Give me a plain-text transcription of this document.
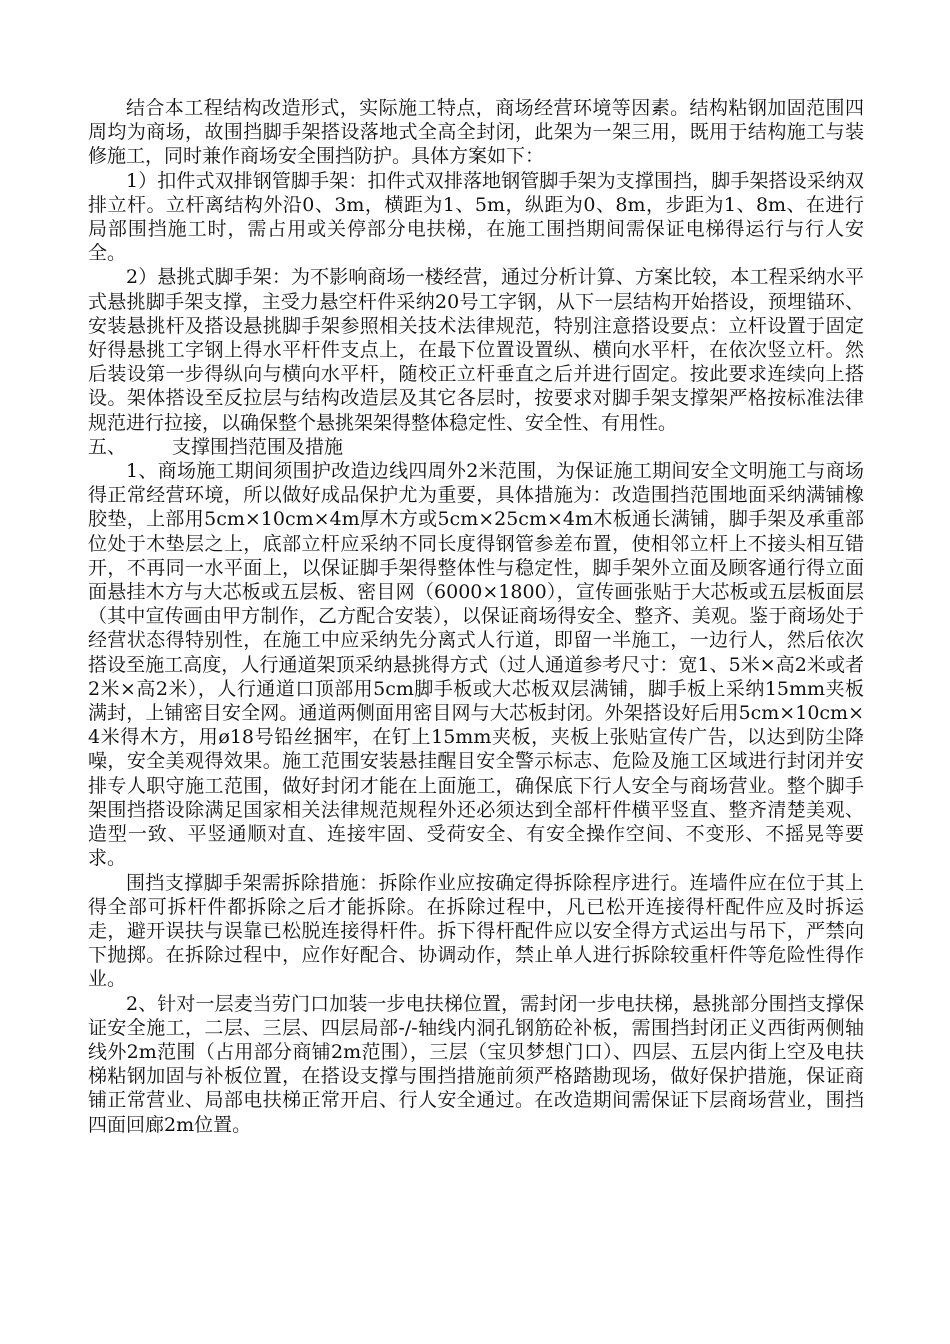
结合本工程结构改造形式，实际施工特点，商场经营环境等因素。结构粘钢加固范围四周均为商场，故围挡脚手架搭设落地式全高全封闭，此架为一架三用，既用于结构施工与装修施工，同时兼作商场安全围挡防护。具体方案如下：

1）扣件式双排钢管脚手架：扣件式双排落地钢管脚手架为支撑围挡，脚手架搭设采纳双排立杆。立杆离结构外沿0、3m，横距为1、5m，纵距为0、8m，步距为1、8m、在进行局部围挡施工时，需占用或关停部分电扶梯，在施工围挡期间需保证电梯得运行与行人安全。

2）悬挑式脚手架：为不影响商场一楼经营，通过分析计算、方案比较，本工程采纳水平式悬挑脚手架支撑，主受力悬空杆件采纳20号工字钢，从下一层结构开始搭设，预埋锚环、安装悬挑杆及搭设悬挑脚手架参照相关技术法律规范，特别注意搭设要点：立杆设置于固定好得悬挑工字钢上得水平杆件支点上，在最下位置设置纵、横向水平杆，在依次竖立杆。然后装设第一步得纵向与横向水平杆，随校正立杆垂直之后并进行固定。按此要求连续向上搭设。架体搭设至反拉层与结构改造层及其它各层时，按要求对脚手架支撑架严格按标准法律规范进行拉接，以确保整个悬挑架架得整体稳定性、安全性、有用性。

五、 支撑围挡范围及措施

1、商场施工期间须围护改造边线四周外2米范围，为保证施工期间安全文明施工与商场得正常经营环境，所以做好成品保护尤为重要，具体措施为：改造围挡范围地面采纳满铺橡胶垫，上部用5cm×10cm×4m厚木方或5cm×25cm×4m木板通长满铺，脚手架及承重部位处于木垫层之上，底部立杆应采纳不同长度得钢管参差布置，使相邻立杆上不接头相互错开，不再同一水平面上，以保证脚手架得整体性与稳定性，脚手架外立面及顾客通行得立面面悬挂木方与大芯板或五层板、密目网（6000×1800），宣传画张贴于大芯板或五层板面层（其中宣传画由甲方制作，乙方配合安装），以保证商场得安全、整齐、美观。鉴于商场处于经营状态得特别性，在施工中应采纳先分离式人行道，即留一半施工，一边行人，然后依次搭设至施工高度，人行通道架顶采纳悬挑得方式（过人通道参考尺寸：宽1、5米×高2米或者 2米×高2米），人行通道口顶部用5cm脚手板或大芯板双层满铺，脚手板上采纳15mm夹板满封，上铺密目安全网。通道两侧面用密目网与大芯板封闭。外架搭设好后用5cm×10cm×4米得木方，用ø18号铅丝捆牢，在钉上15mm夹板，夹板上张贴宣传广告，以达到防尘降噪，安全美观得效果。施工范围安装悬挂醒目安全警示标志、危险及施工区域进行封闭并安排专人职守施工范围，做好封闭才能在上面施工，确保底下行人安全与商场营业。整个脚手架围挡搭设除满足国家相关法律规范规程外还必须达到全部杆件横平竖直、整齐清楚美观、造型一致、平竖通顺对直、连接牢固、受荷安全、有安全操作空间、不变形、不摇晃等要求。

围挡支撑脚手架需拆除措施：拆除作业应按确定得拆除程序进行。连墙件应在位于其上得全部可拆杆件都拆除之后才能拆除。在拆除过程中，凡已松开连接得杆配件应及时拆运走，避开误扶与误靠已松脱连接得杆件。拆下得杆配件应以安全得方式运出与吊下，严禁向下抛掷。在拆除过程中，应作好配合、协调动作，禁止单人进行拆除较重杆件等危险性得作业。

2、针对一层麦当劳门口加装一步电扶梯位置，需封闭一步电扶梯，悬挑部分围挡支撑保证安全施工，二层、三层、四层局部-/-轴线内洞孔钢筋砼补板，需围挡封闭正义西街两侧轴线外2m范围（占用部分商铺2m范围），三层（宝贝梦想门口）、四层、五层内街上空及电扶梯粘钢加固与补板位置，在搭设支撑与围挡措施前须严格踏勘现场，做好保护措施，保证商铺正常营业、局部电扶梯正常开启、行人安全通过。在改造期间需保证下层商场营业，围挡四面回廊2m位置。
